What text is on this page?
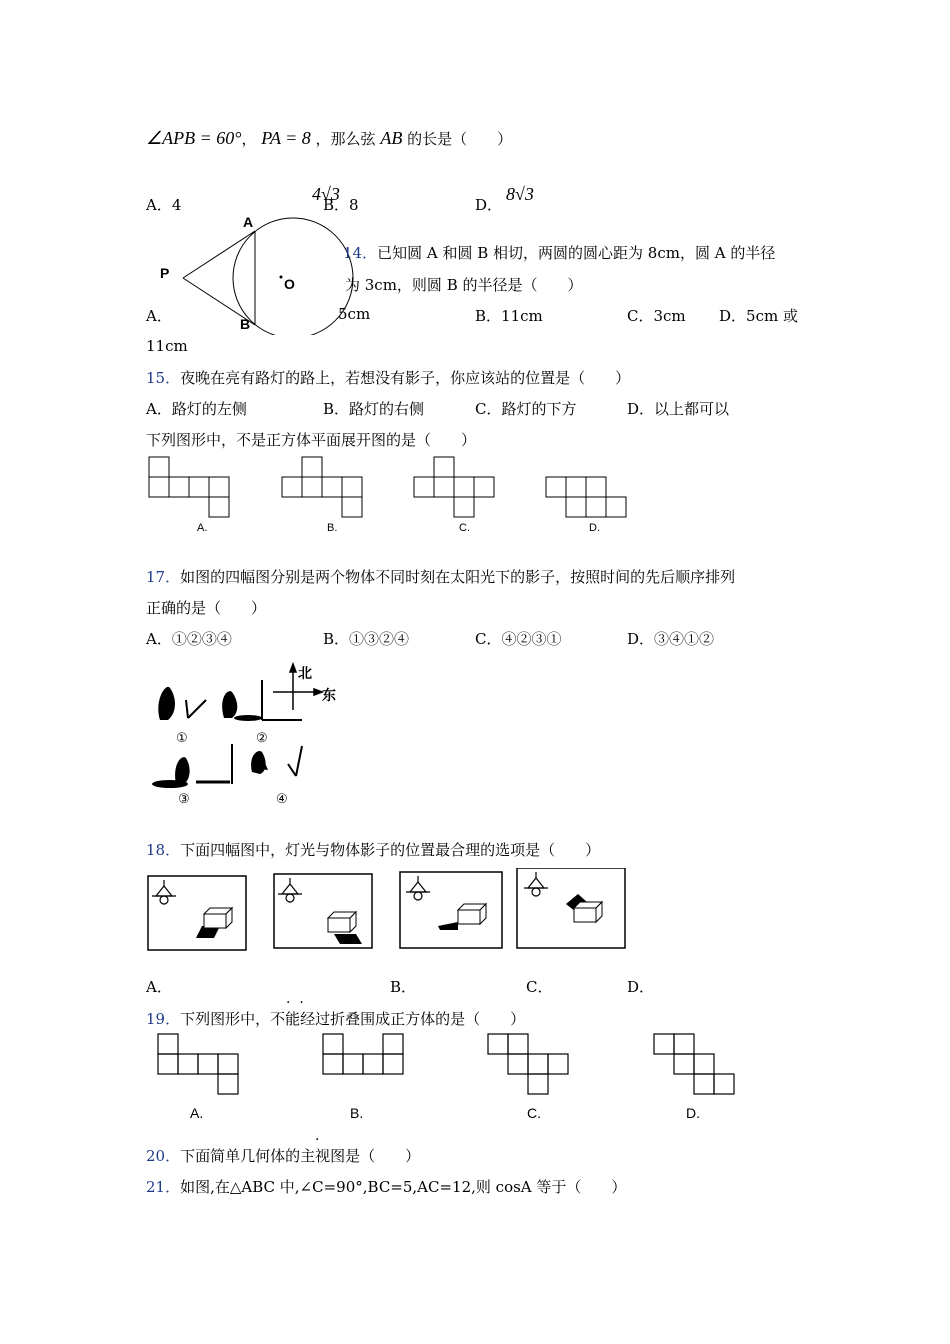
∠APB = 60°， PA = 8 ，那么弦 AB 的长是（　　）
A．4
4√3
B．8	D．
8√3
P
A
B
O
14．已知圆 A 和圆 B 相切，两圆的圆心距为 8cm，圆 A 的半径
为 3cm，则圆 B 的半径是（　　）
A．	5cm	B．11cm	C．3cm D．5cm 或
11cm
15．夜晚在亮有路灯的路上，若想没有影子，你应该站的位置是（　　）
A．路灯的左侧	B．路灯的右侧	C．路灯的下方	D．以上都可以
下列图形中，不是正方体平面展开图的是（　　）
A.	B.	C.	D.
17．如图的四幅图分别是两个物体不同时刻在太阳光下的影子，按照时间的先后顺序排列
正确的是（　　）
A．①②③④	B．①③②④	C．④②③①	D．③④①②
北
东
①	②
③	④
18．下面四幅图中，灯光与物体影子的位置最合理的选项是（　　）
A．	B．	C．	D．
·  ·
19．下列图形中，不能经过折叠围成正方体的是（　　）
A.	B.	C.	D.
·
20．下面简单几何体的主视图是（　　）
21．如图,在△ABC 中,∠C=90°,BC=5,AC=12,则 cosA 等于（　　）
